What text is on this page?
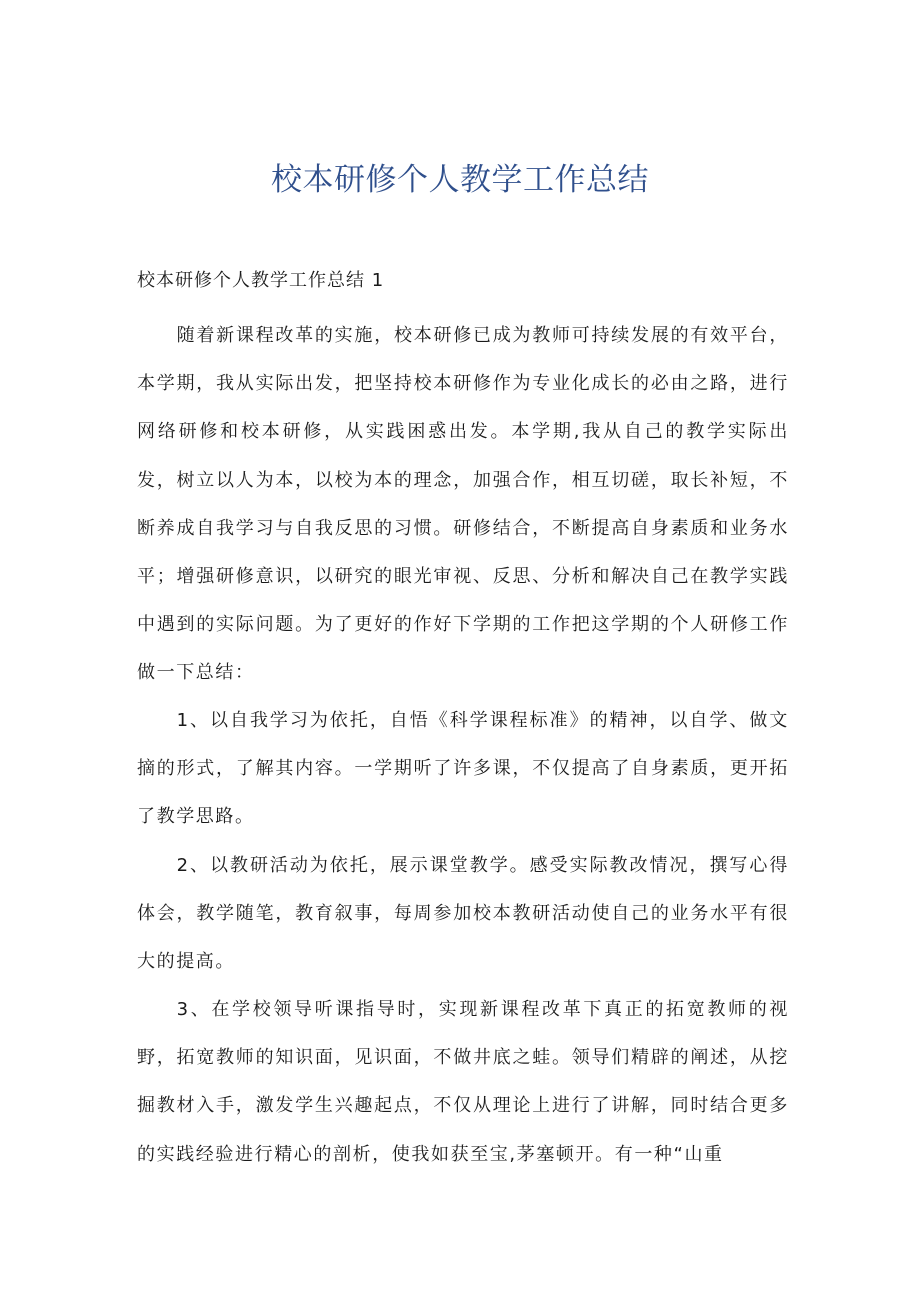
校本研修个人教学工作总结
校本研修个人教学工作总结 1

随着新课程改革的实施，校本研修已成为教师可持续发展的有效平台，本学期，我从实际出发，把坚持校本研修作为专业化成长的必由之路，进行网络研修和校本研修，从实践困惑出发。本学期,我从自己的教学实际出发，树立以人为本，以校为本的理念，加强合作，相互切磋，取长补短，不断养成自我学习与自我反思的习惯。研修结合，不断提高自身素质和业务水平；增强研修意识，以研究的眼光审视、反思、分析和解决自己在教学实践中遇到的实际问题。为了更好的作好下学期的工作把这学期的个人研修工作做一下总结：

1、以自我学习为依托，自悟《科学课程标准》的精神，以自学、做文摘的形式，了解其内容。一学期听了许多课，不仅提高了自身素质，更开拓了教学思路。

2、以教研活动为依托，展示课堂教学。感受实际教改情况，撰写心得体会，教学随笔，教育叙事，每周参加校本教研活动使自己的业务水平有很大的提高。

3、在学校领导听课指导时，实现新课程改革下真正的拓宽教师的视野，拓宽教师的知识面，见识面，不做井底之蛙。领导们精辟的阐述，从挖掘教材入手，激发学生兴趣起点，不仅从理论上进行了讲解，同时结合更多的实践经验进行精心的剖析，使我如获至宝,茅塞顿开。有一种“山重
